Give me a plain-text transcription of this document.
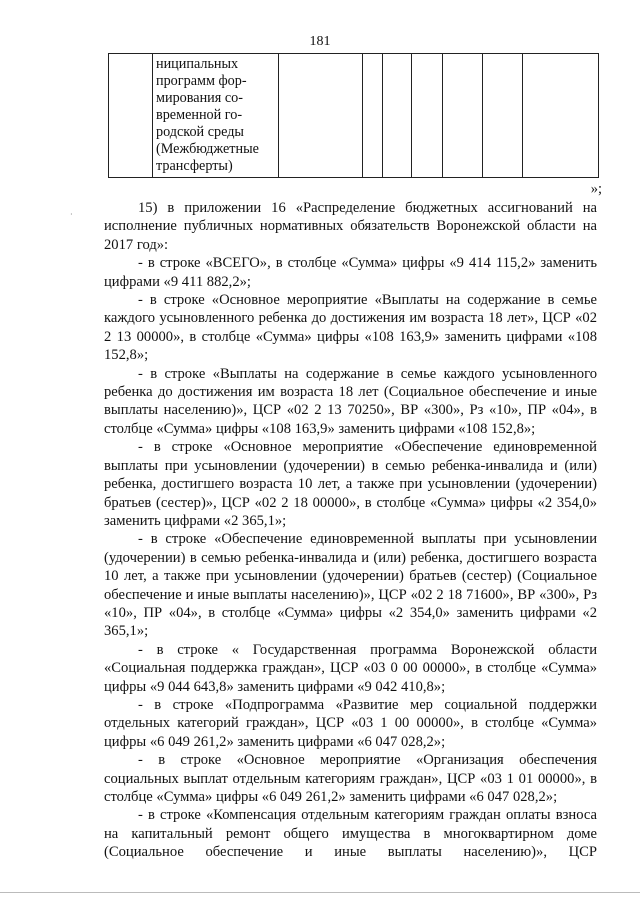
181

ниципальных
программ фор-
мирования со-
временной го-
родской среды
(Межбюджетные
трансферты)

»;
·	15) в приложении 16 «Распределение бюджетных ассигнований на исполнение публичных нормативных обязательств Воронежской области на 2017 год»:

- в строке «ВСЕГО», в столбце «Сумма» цифры «9 414 115,2» заменить цифрами «9 411 882,2»;

- в строке «Основное мероприятие «Выплаты на содержание в семье каждого усыновленного ребенка до достижения им возраста 18 лет», ЦСР «02 2 13 00000», в столбце «Сумма» цифры «108 163,9» заменить цифрами «108 152,8»;

- в строке «Выплаты на содержание в семье каждого усыновленного ребенка до достижения им возраста 18 лет (Социальное обеспечение и иные выплаты населению)», ЦСР «02 2 13 70250», ВР «300», Рз «10», ПР «04», в столбце «Сумма» цифры «108 163,9» заменить цифрами «108 152,8»;

- в строке «Основное мероприятие «Обеспечение единовременной выплаты при усыновлении (удочерении) в семью ребенка-инвалида и (или) ребенка, достигшего возраста 10 лет, а также при усыновлении (удочерении) братьев (сестер)», ЦСР «02 2 18 00000», в столбце «Сумма» цифры «2 354,0» заменить цифрами «2 365,1»;

- в строке «Обеспечение единовременной выплаты при усыновлении (удочерении) в семью ребенка-инвалида и (или) ребенка, достигшего возраста 10 лет, а также при усыновлении (удочерении) братьев (сестер) (Социальное обеспечение и иные выплаты населению)», ЦСР «02 2 18 71600», ВР «300», Рз «10», ПР «04», в столбце «Сумма» цифры «2 354,0» заменить цифрами «2 365,1»;

- в строке « Государственная программа Воронежской области «Социальная поддержка граждан», ЦСР «03 0 00 00000», в столбце «Сумма» цифры «9 044 643,8» заменить цифрами «9 042 410,8»;

- в строке «Подпрограмма «Развитие мер социальной поддержки отдельных категорий граждан», ЦСР «03 1 00 00000», в столбце «Сумма» цифры «6 049 261,2» заменить цифрами «6 047 028,2»;

- в строке «Основное мероприятие «Организация обеспечения социальных выплат отдельным категориям граждан», ЦСР «03 1 01 00000», в столбце «Сумма» цифры «6 049 261,2» заменить цифрами «6 047 028,2»;

- в строке «Компенсация отдельным категориям граждан оплаты взноса на капитальный ремонт общего имущества в многоквартирном доме (Социальное обеспечение и иные выплаты населению)», ЦСР
